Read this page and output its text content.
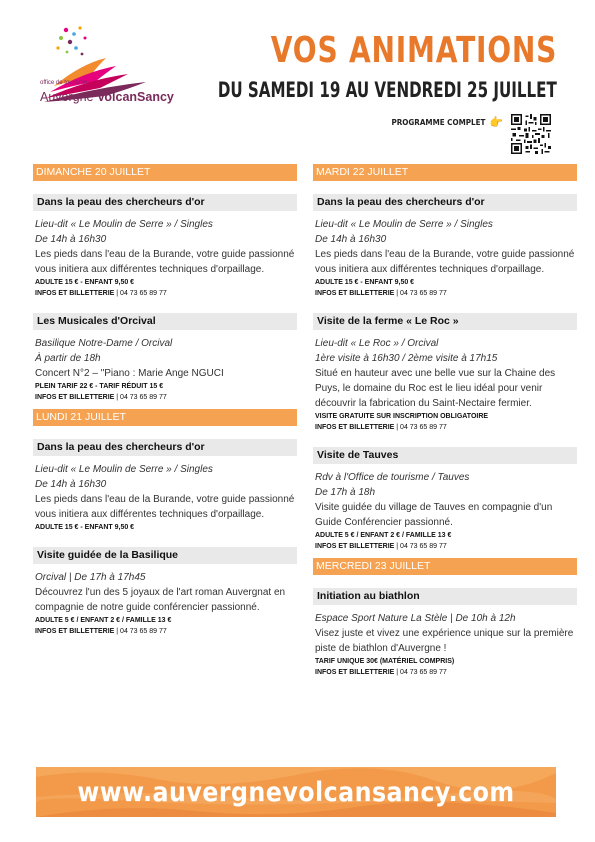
office de tourisme
Auvergne VolcanSancy
VOS ANIMATIONS
DU SAMEDI 19 AU VENDREDI 25 JUILLET
PROGRAMME COMPLET 👉
DIMANCHE 20 JUILLET
Dans la peau des chercheurs d'or
Lieu-dit « Le Moulin de Serre » / Singles
De 14h à 16h30
Les pieds dans l'eau de la Burande, votre guide passionné vous initiera aux différentes techniques d'orpaillage.
ADULTE 15 € - ENFANT 9,50 €
INFOS ET BILLETTERIE | 04 73 65 89 77
Les Musicales d'Orcival
Basilique Notre-Dame / Orcival
À partir de 18h
Concert N°2 – "Piano : Marie Ange NGUCI
PLEIN TARIF 22 € - TARIF RÉDUIT 15 €
INFOS ET BILLETTERIE | 04 73 65 89 77
LUNDI 21 JUILLET
Dans la peau des chercheurs d'or
Lieu-dit « Le Moulin de Serre » / Singles
De 14h à 16h30
Les pieds dans l'eau de la Burande, votre guide passionné vous initiera aux différentes techniques d'orpaillage.
ADULTE 15 € - ENFANT 9,50 €
Visite guidée de la Basilique
Orcival | De 17h à 17h45
Découvrez l'un des 5 joyaux de l'art roman Auvergnat en compagnie de notre guide conférencier passionné.
ADULTE 5 € / ENFANT 2 € / FAMILLE 13 €
INFOS ET BILLETTERIE | 04 73 65 89 77
MARDI 22 JUILLET
Dans la peau des chercheurs d'or
Lieu-dit « Le Moulin de Serre » / Singles
De 14h à 16h30
Les pieds dans l'eau de la Burande, votre guide passionné vous initiera aux différentes techniques d'orpaillage.
ADULTE 15 € - ENFANT 9,50 €
INFOS ET BILLETTERIE | 04 73 65 89 77
Visite de la ferme « Le Roc »
Lieu-dit « Le Roc » / Orcival
1ère visite à 16h30 / 2ème visite à 17h15
Situé en hauteur avec une belle vue sur la Chaine des Puys, le domaine du Roc est le lieu idéal pour venir découvrir la fabrication du Saint-Nectaire fermier.
VISITE GRATUITE SUR INSCRIPTION OBLIGATOIRE
INFOS ET BILLETTERIE | 04 73 65 89 77
Visite de Tauves
Rdv à l'Office de tourisme / Tauves
De 17h à 18h
Visite guidée du village de Tauves en compagnie d'un Guide Conférencier passionné.
ADULTE 5 € / ENFANT 2 € / FAMILLE 13 €
INFOS ET BILLETTERIE | 04 73 65 89 77
MERCREDI 23 JUILLET
Initiation au biathlon
Espace Sport Nature La Stèle | De 10h à 12h
Visez juste et vivez une expérience unique sur la première piste de biathlon d'Auvergne !
TARIF UNIQUE 30€ (MATÉRIEL COMPRIS)
INFOS ET BILLETTERIE | 04 73 65 89 77
www.auvergnevolcansancy.com
